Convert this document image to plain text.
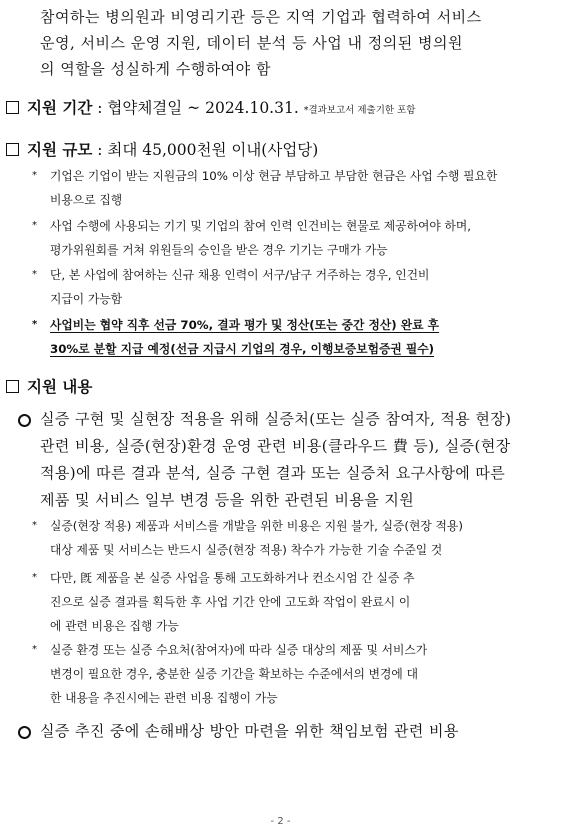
참여하는 병의원과 비영리기관 등은 지역 기업과 협력하여 서비스
운영, 서비스 운영 지원, 데이터 분석 등 사업 내 정의된 병의원
의 역할을 성실하게 수행하여야 함
지원 기간 : 협약체결일 ~ 2024.10.31. *결과보고서 제출기한 포함
지원 규모 : 최대 45,000천원 이내(사업당)
*	기업은 기업이 받는 지원금의 10% 이상 현금 부담하고 부담한 현금은 사업 수행 필요한
비용으로 집행
*	사업 수행에 사용되는 기기 및 기업의 참여 인력 인건비는 현물로 제공하여야 하며,
평가위원회를 거쳐 위원들의 승인을 받은 경우 기기는 구매가 가능
*	단, 본 사업에 참여하는 신규 채용 인력이 서구/남구 거주하는 경우, 인건비
지급이 가능함
*	사업비는 협약 직후 선금 70%, 결과 평가 및 정산(또는 중간 정산) 완료 후
30%로 분할 지급 예정(선금 지급시 기업의 경우, 이행보증보험증권 필수)
지원 내용
실증 구현 및 실현장 적용을 위해 실증처(또는 실증 참여자, 적용 현장)
관련 비용, 실증(현장)환경 운영 관련 비용(클라우드 費 등), 실증(현장
적용)에 따른 결과 분석, 실증 구현 결과 또는 실증처 요구사항에 따른
제품 및 서비스 일부 변경 등을 위한 관련된 비용을 지원
*	실증(현장 적용) 제품과 서비스를 개발을 위한 비용은 지원 불가, 실증(현장 적용)
대상 제품 및 서비스는 반드시 실증(현장 적용) 착수가 가능한 기술 수준일 것
*	다만, 旣 제품을 본 실증 사업을 통해 고도화하거나 컨소시엄 간 실증 추
진으로 실증 결과를 획득한 후 사업 기간 안에 고도화 작업이 완료시 이
에 관련 비용은 집행 가능
*	실증 환경 또는 실증 수요처(참여자)에 따라 실증 대상의 제품 및 서비스가
변경이 필요한 경우, 충분한 실증 기간을 확보하는 수준에서의 변경에 대
한 내용을 추진시에는 관련 비용 집행이 가능
실증 추진 중에 손해배상 방안 마련을 위한 책임보험 관련 비용
- 2 -
